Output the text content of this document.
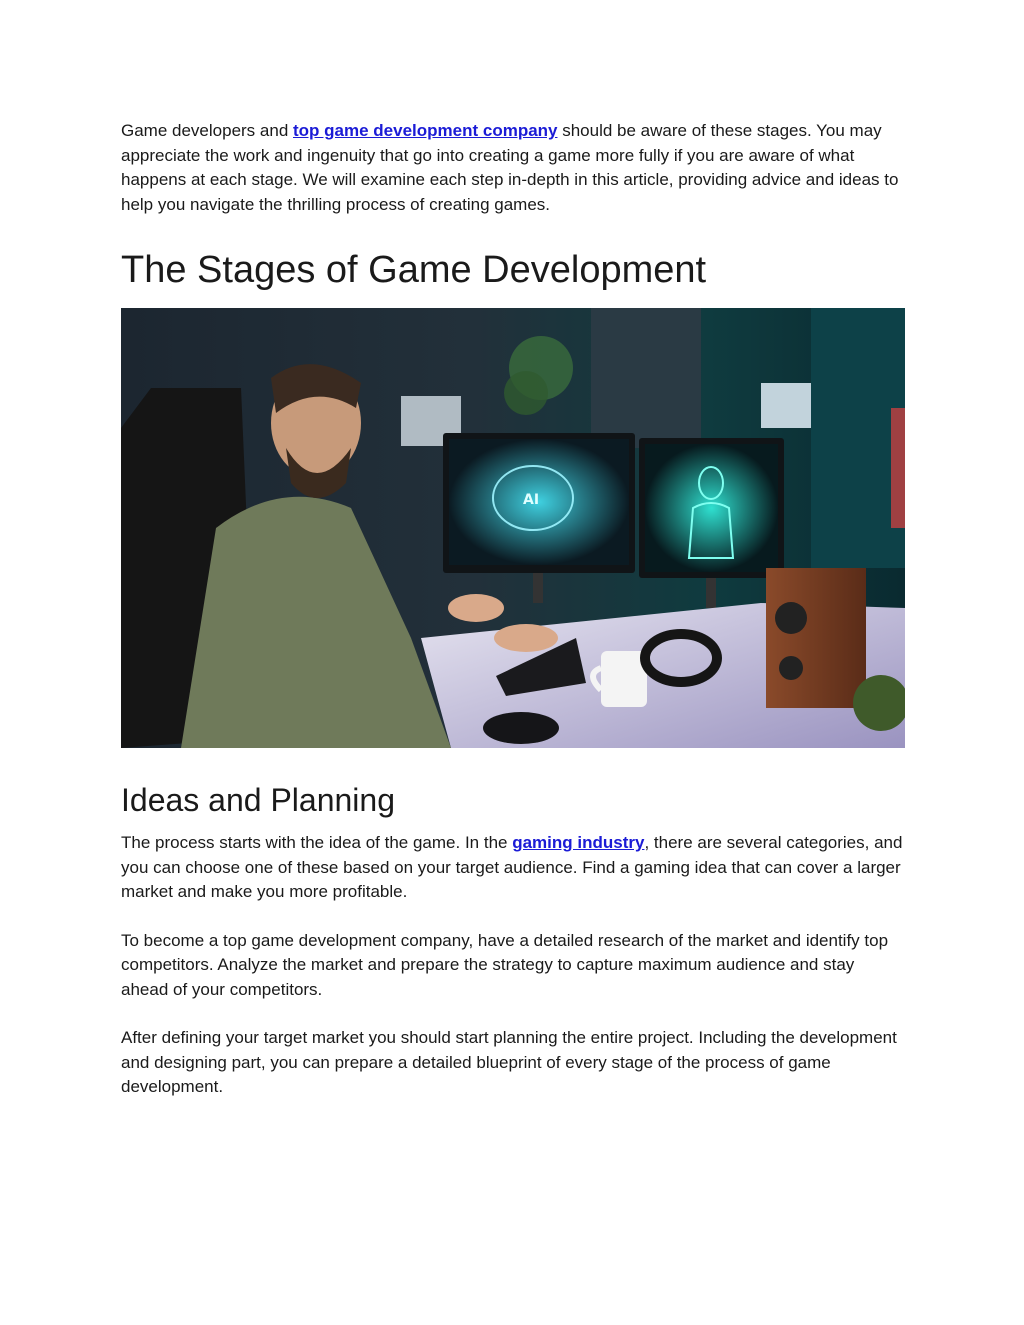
Game developers and top game development company should be aware of these stages. You may appreciate the work and ingenuity that go into creating a game more fully if you are aware of what happens at each stage. We will examine each step in-depth in this article, providing advice and ideas to help you navigate the thrilling process of creating games.

The Stages of Game Development
AI
Ideas and Planning

The process starts with the idea of the game. In the gaming industry, there are several categories, and you can choose one of these based on your target audience. Find a gaming idea that can cover a larger market and make you more profitable.

To become a top game development company, have a detailed research of the market and identify top competitors. Analyze the market and prepare the strategy to capture maximum audience and stay ahead of your competitors.

After defining your target market you should start planning the entire project. Including the development and designing part, you can prepare a detailed blueprint of every stage of the process of game development.
